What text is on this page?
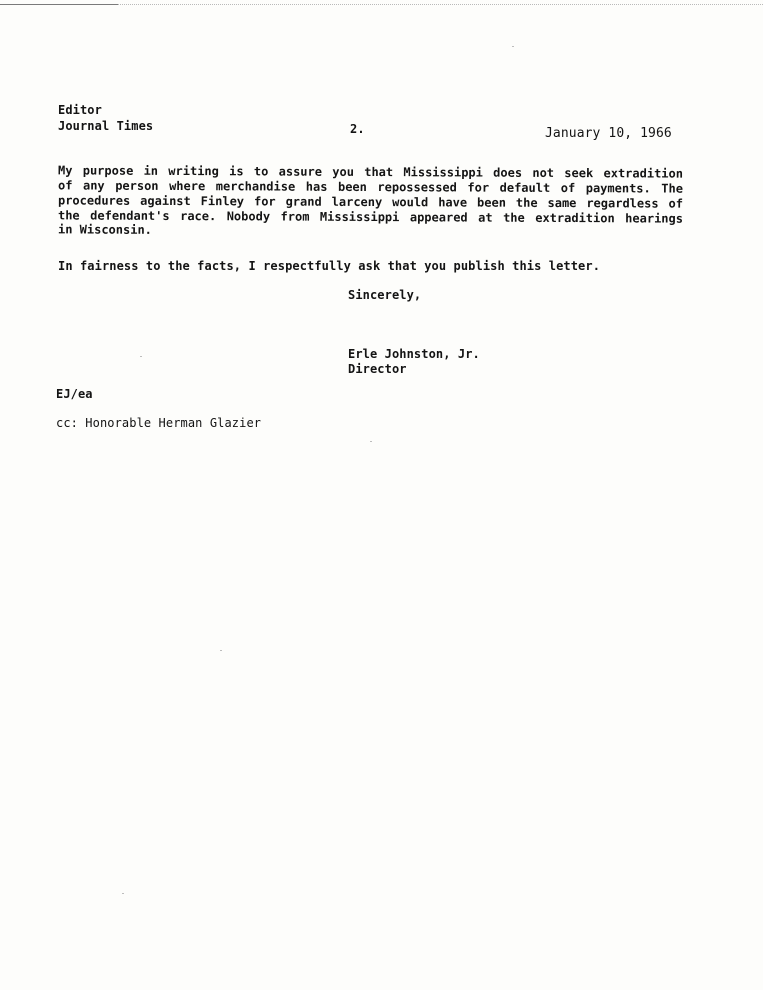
Editor
Journal Times	2.	January 10, 1966
My purpose in writing is to assure you that Mississippi does not seek extradition
of any person where merchandise has been repossessed for default of payments. The
procedures against Finley for grand larceny would have been the same regardless of
the defendant's race. Nobody from Mississippi appeared at the extradition hearings
in Wisconsin.
In fairness to the facts, I respectfully ask that you publish this letter.
Sincerely,
Erle Johnston, Jr.
Director
EJ/ea
cc: Honorable Herman Glazier
